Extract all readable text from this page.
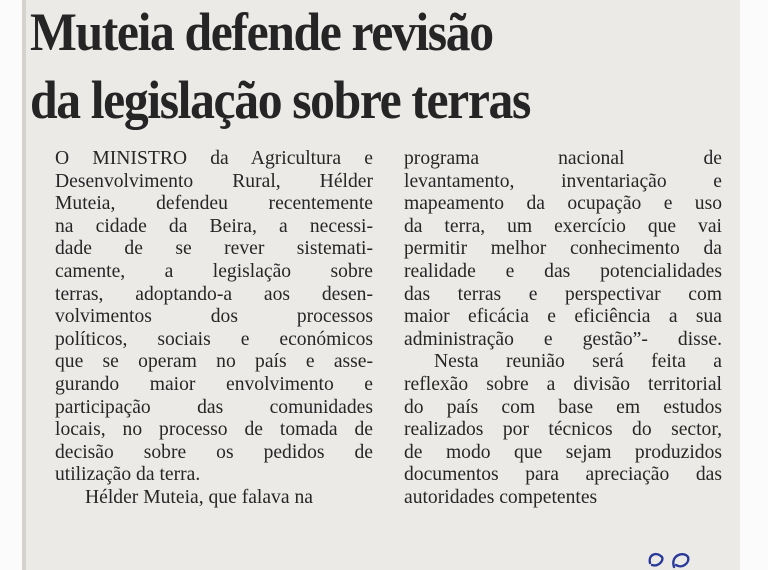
Muteia defende revisão
da legislação sobre terras
O MINISTRO da Agricultura e
Desenvolvimento Rural, Hélder
Muteia, defendeu recentemente
na cidade da Beira, a necessi-
dade de se rever sistemati-
camente, a legislação sobre
terras, adoptando-a aos desen-
volvimentos dos processos
políticos, sociais e económicos
que se operam no país e asse-
gurando maior envolvimento e
participação das comunidades
locais, no processo de tomada de
decisão sobre os pedidos de
utilização da terra.
Hélder Muteia, que falava na
programa nacional de
levantamento, inventariação e
mapeamento da ocupação e uso
da terra, um exercício que vai
permitir melhor conhecimento da
realidade e das potencialidades
das terras e perspectivar com
maior eficácia e eficiência a sua
administração e gestão”- disse.
Nesta reunião será feita a
reflexão sobre a divisão territorial
do país com base em estudos
realizados por técnicos do sector,
de modo que sejam produzidos
documentos para apreciação das
autoridades competentes
